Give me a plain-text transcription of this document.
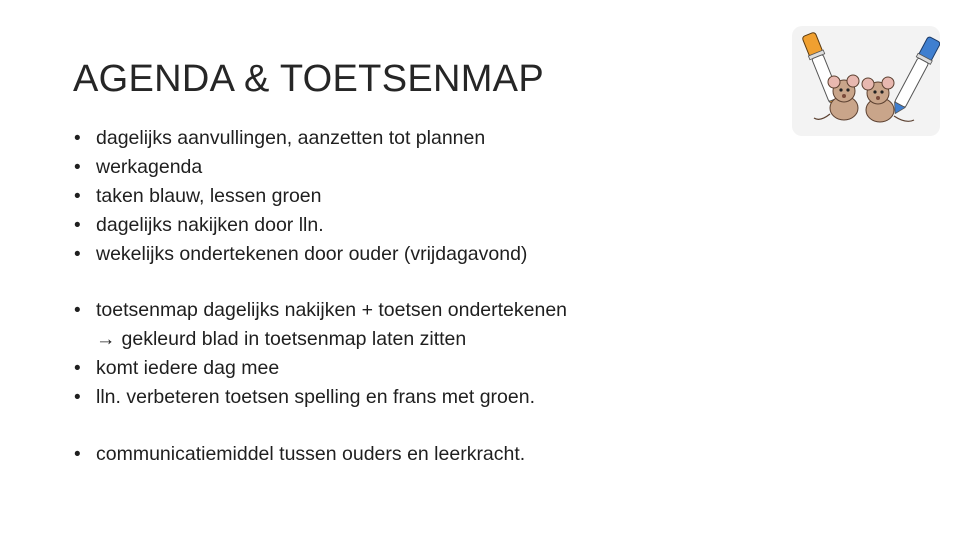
AGENDA & TOETSENMAP
• dagelijks aanvullingen, aanzetten tot plannen
• werkagenda
• taken blauw, lessen groen
• dagelijks nakijken door lln.
• wekelijks ondertekenen door ouder (vrijdagavond)
• toetsenmap dagelijks nakijken + toetsen ondertekenen
→ gekleurd blad in toetsenmap laten zitten
• komt iedere dag mee
• lln. verbeteren toetsen spelling en frans met groen.
• communicatiemiddel tussen ouders en leerkracht.
